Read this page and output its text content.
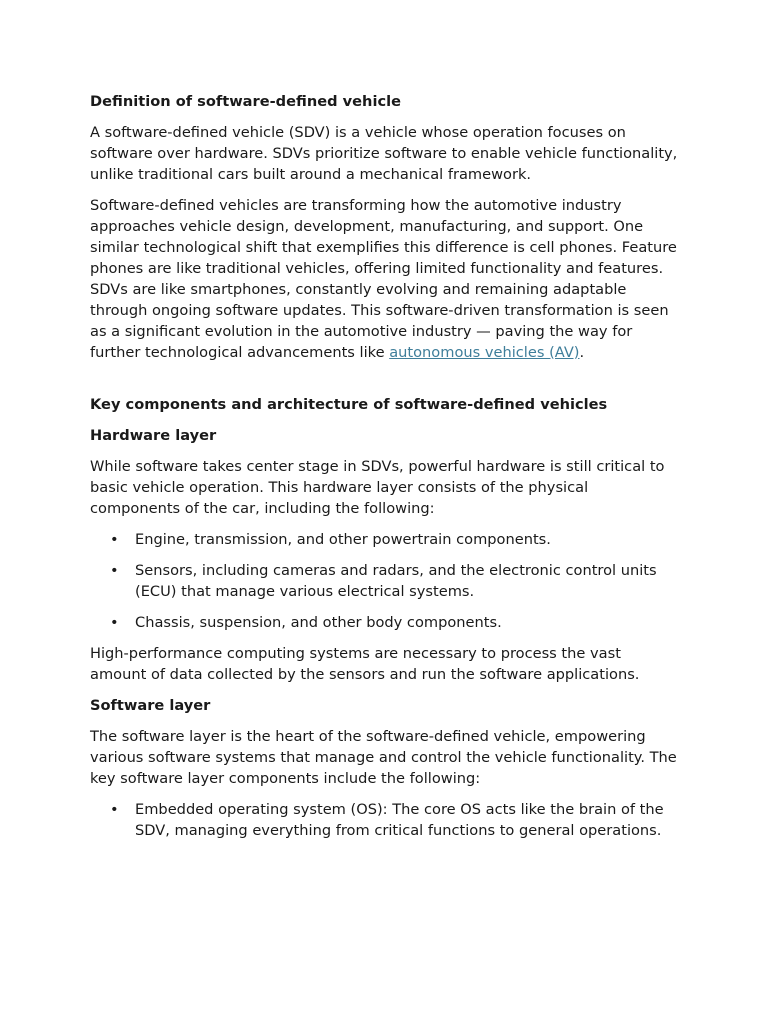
Definition of software-defined vehicle

A software-defined vehicle (SDV) is a vehicle whose operation focuses on software over hardware. SDVs prioritize software to enable vehicle functionality, unlike traditional cars built around a mechanical framework.

Software-defined vehicles are transforming how the automotive industry approaches vehicle design, development, manufacturing, and support. One similar technological shift that exemplifies this difference is cell phones. Feature phones are like traditional vehicles, offering limited functionality and features. SDVs are like smartphones, constantly evolving and remaining adaptable through ongoing software updates. This software-driven transformation is seen as a significant evolution in the automotive industry — paving the way for further technological advancements like autonomous vehicles (AV).

Key components and architecture of software-defined vehicles
Hardware layer

While software takes center stage in SDVs, powerful hardware is still critical to basic vehicle operation. This hardware layer consists of the physical components of the car, including the following:

• Engine, transmission, and other powertrain components.
• Sensors, including cameras and radars, and the electronic control units (ECU) that manage various electrical systems.
• Chassis, suspension, and other body components.

High-performance computing systems are necessary to process the vast amount of data collected by the sensors and run the software applications.

Software layer

The software layer is the heart of the software-defined vehicle, empowering various software systems that manage and control the vehicle functionality. The key software layer components include the following:

• Embedded operating system (OS): The core OS acts like the brain of the SDV, managing everything from critical functions to general operations.
